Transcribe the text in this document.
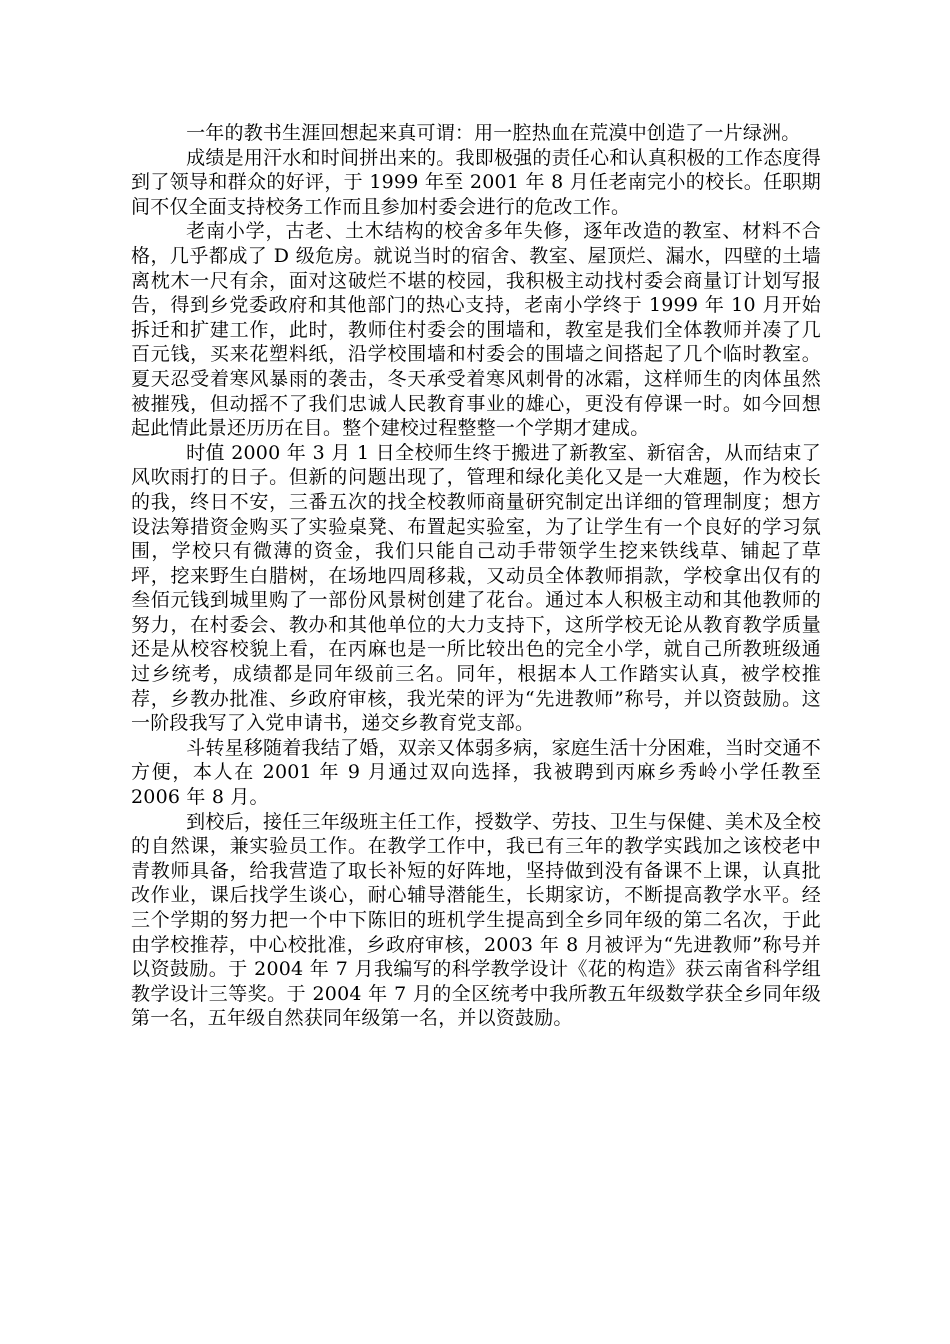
一年的教书生涯回想起来真可谓：用一腔热血在荒漠中创造了一片绿洲。

成绩是用汗水和时间拼出来的。我即极强的责任心和认真积极的工作态度得到了领导和群众的好评，于 1999 年至 2001 年 8 月任老南完小的校长。任职期间不仅全面支持校务工作而且参加村委会进行的危改工作。

老南小学，古老、土木结构的校舍多年失修，逐年改造的教室、材料不合格，几乎都成了 D 级危房。就说当时的宿舍、教室、屋顶烂、漏水，四壁的土墙离枕木一尺有余，面对这破烂不堪的校园，我积极主动找村委会商量订计划写报告，得到乡党委政府和其他部门的热心支持，老南小学终于 1999 年 10 月开始拆迁和扩建工作，此时，教师住村委会的围墙和，教室是我们全体教师并凑了几百元钱，买来花塑料纸，沿学校围墙和村委会的围墙之间搭起了几个临时教室。夏天忍受着寒风暴雨的袭击，冬天承受着寒风刺骨的冰霜，这样师生的肉体虽然被摧残，但动摇不了我们忠诚人民教育事业的雄心，更没有停课一时。如今回想起此情此景还历历在目。整个建校过程整整一个学期才建成。

时值 2000 年 3 月 1 日全校师生终于搬进了新教室、新宿舍，从而结束了风吹雨打的日子。但新的问题出现了，管理和绿化美化又是一大难题，作为校长的我，终日不安，三番五次的找全校教师商量研究制定出详细的管理制度；想方设法筹措资金购买了实验桌凳、布置起实验室，为了让学生有一个良好的学习氛围，学校只有微薄的资金，我们只能自己动手带领学生挖来铁线草、铺起了草坪，挖来野生白腊树，在场地四周移栽，又动员全体教师捐款，学校拿出仅有的叁佰元钱到城里购了一部份风景树创建了花台。通过本人积极主动和其他教师的努力，在村委会、教办和其他单位的大力支持下，这所学校无论从教育教学质量还是从校容校貌上看，在丙麻也是一所比较出色的完全小学，就自己所教班级通过乡统考，成绩都是同年级前三名。同年，根据本人工作踏实认真，被学校推荐，乡教办批准、乡政府审核，我光荣的评为“先进教师”称号，并以资鼓励。这一阶段我写了入党申请书，递交乡教育党支部。

斗转星移随着我结了婚，双亲又体弱多病，家庭生活十分困难，当时交通不方便，本人在 2001 年 9 月通过双向选择，我被聘到丙麻乡秀岭小学任教至 2006 年 8 月。

到校后，接任三年级班主任工作，授数学、劳技、卫生与保健、美术及全校的自然课，兼实验员工作。在教学工作中，我已有三年的教学实践加之该校老中青教师具备，给我营造了取长补短的好阵地，坚持做到没有备课不上课，认真批改作业，课后找学生谈心，耐心辅导潜能生，长期家访，不断提高教学水平。经三个学期的努力把一个中下陈旧的班机学生提高到全乡同年级的第二名次，于此由学校推荐，中心校批准，乡政府审核，2003 年 8 月被评为“先进教师”称号并以资鼓励。于 2004 年 7 月我编写的科学教学设计《花的构造》获云南省科学组教学设计三等奖。于 2004 年 7 月的全区统考中我所教五年级数学获全乡同年级第一名，五年级自然获同年级第一名，并以资鼓励。
